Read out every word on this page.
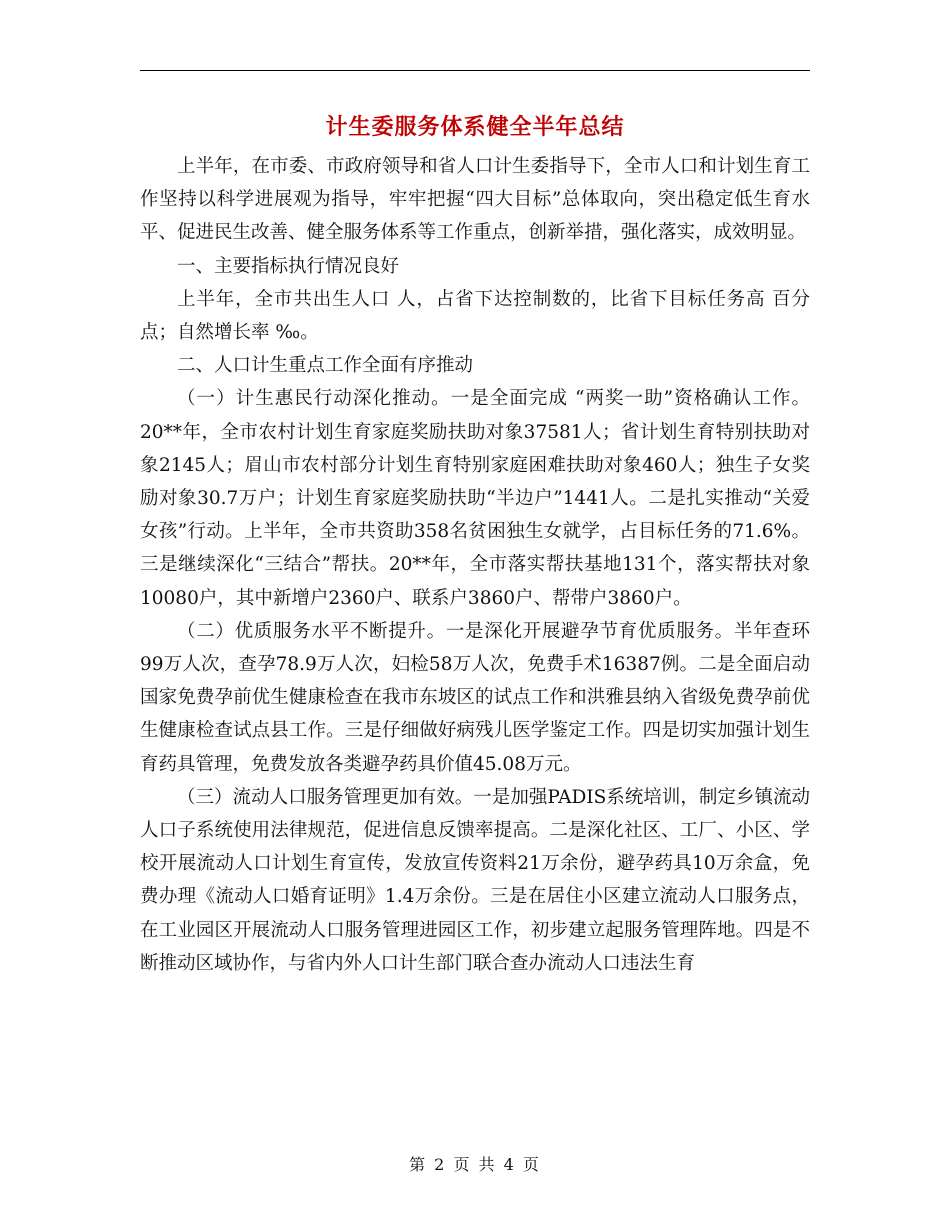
计生委服务体系健全半年总结

上半年，在市委、市政府领导和省人口计生委指导下，全市人口和计划生育工作坚持以科学进展观为指导，牢牢把握“四大目标”总体取向，突出稳定低生育水平、促进民生改善、健全服务体系等工作重点，创新举措，强化落实，成效明显。

一、主要指标执行情况良好

上半年，全市共出生人口 人，占省下达控制数的，比省下目标任务高 百分点；自然增长率 ‰。

二、人口计生重点工作全面有序推动

（一）计生惠民行动深化推动。一是全面完成 “两奖一助”资格确认工作。20**年，全市农村计划生育家庭奖励扶助对象37581人；省计划生育特别扶助对象2145人；眉山市农村部分计划生育特别家庭困难扶助对象460人；独生子女奖励对象30.7万户；计划生育家庭奖励扶助“半边户”1441人。二是扎实推动“关爱女孩”行动。上半年，全市共资助358名贫困独生女就学，占目标任务的71.6%。三是继续深化“三结合”帮扶。20**年，全市落实帮扶基地131个，落实帮扶对象10080户，其中新增户2360户、联系户3860户、帮带户3860户。

（二）优质服务水平不断提升。一是深化开展避孕节育优质服务。半年查环99万人次，查孕78.9万人次，妇检58万人次，免费手术16387例。二是全面启动国家免费孕前优生健康检查在我市东坡区的试点工作和洪雅县纳入省级免费孕前优生健康检查试点县工作。三是仔细做好病残儿医学鉴定工作。四是切实加强计划生育药具管理，免费发放各类避孕药具价值45.08万元。

（三）流动人口服务管理更加有效。一是加强PADIS系统培训，制定乡镇流动人口子系统使用法律规范，促进信息反馈率提高。二是深化社区、工厂、小区、学校开展流动人口计划生育宣传，发放宣传资料21万余份，避孕药具10万余盒，免费办理《流动人口婚育证明》1.4万余份。三是在居住小区建立流动人口服务点，在工业园区开展流动人口服务管理进园区工作，初步建立起服务管理阵地。四是不断推动区域协作，与省内外人口计生部门联合查办流动人口违法生育

第 2 页 共 4 页
